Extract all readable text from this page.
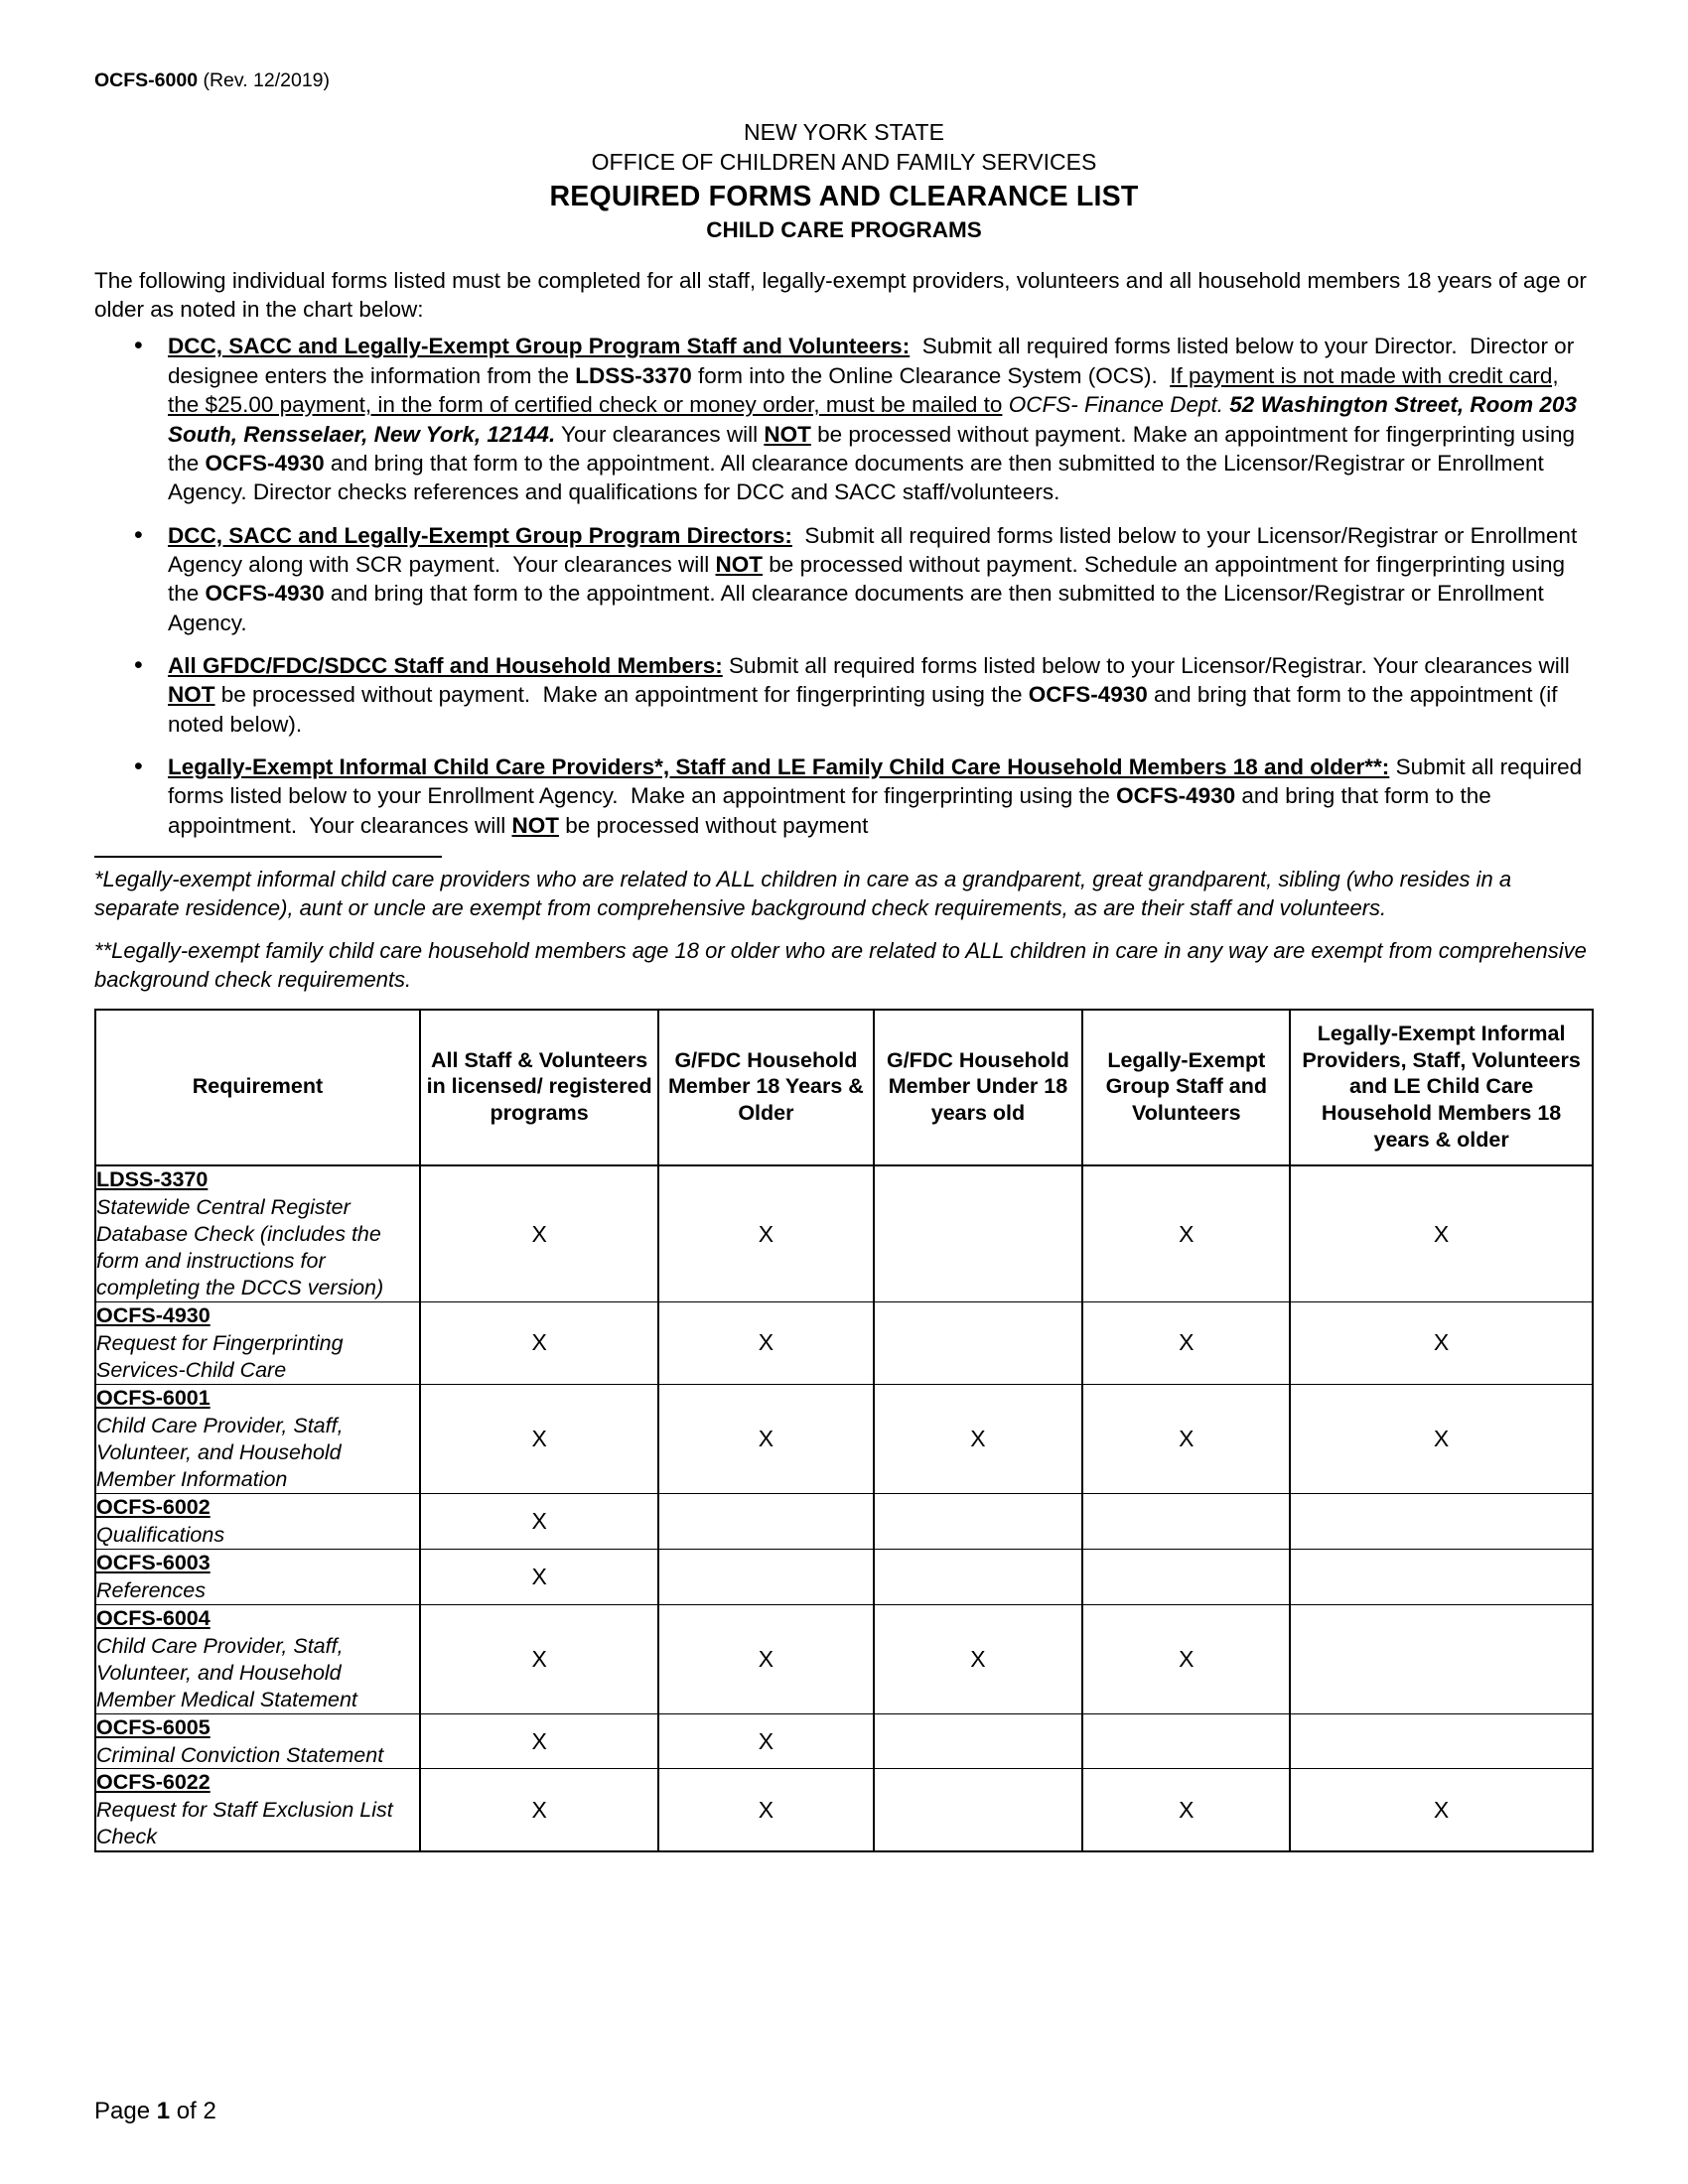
OCFS-6000 (Rev. 12/2019)
NEW YORK STATE
OFFICE OF CHILDREN AND FAMILY SERVICES
REQUIRED FORMS AND CLEARANCE LIST
CHILD CARE PROGRAMS
The following individual forms listed must be completed for all staff, legally-exempt providers, volunteers and all household members 18 years of age or older as noted in the chart below:
• DCC, SACC and Legally-Exempt Group Program Staff and Volunteers:  Submit all required forms listed below to your Director.  Director or designee enters the information from the LDSS-3370 form into the Online Clearance System (OCS).  If payment is not made with credit card, the $25.00 payment, in the form of certified check or money order, must be mailed to OCFS- Finance Dept. 52 Washington Street, Room 203 South, Rensselaer, New York, 12144. Your clearances will NOT be processed without payment. Make an appointment for fingerprinting using the OCFS-4930 and bring that form to the appointment. All clearance documents are then submitted to the Licensor/Registrar or Enrollment Agency. Director checks references and qualifications for DCC and SACC staff/volunteers.
• DCC, SACC and Legally-Exempt Group Program Directors:  Submit all required forms listed below to your Licensor/Registrar or Enrollment Agency along with SCR payment.  Your clearances will NOT be processed without payment. Schedule an appointment for fingerprinting using the OCFS-4930 and bring that form to the appointment. All clearance documents are then submitted to the Licensor/Registrar or Enrollment Agency.
• All GFDC/FDC/SDCC Staff and Household Members: Submit all required forms listed below to your Licensor/Registrar. Your clearances will NOT be processed without payment.  Make an appointment for fingerprinting using the OCFS-4930 and bring that form to the appointment (if noted below).
• Legally-Exempt Informal Child Care Providers*, Staff and LE Family Child Care Household Members 18 and older**: Submit all required forms listed below to your Enrollment Agency.  Make an appointment for fingerprinting using the OCFS-4930 and bring that form to the appointment.  Your clearances will NOT be processed without payment
*Legally-exempt informal child care providers who are related to ALL children in care as a grandparent, great grandparent, sibling (who resides in a separate residence), aunt or uncle are exempt from comprehensive background check requirements, as are their staff and volunteers.
**Legally-exempt family child care household members age 18 or older who are related to ALL children in care in any way are exempt from comprehensive background check requirements.
Requirement	All Staff & Volunteers in licensed/ registered programs	G/FDC Household Member 18 Years & Older	G/FDC Household Member Under 18 years old	Legally-Exempt Group Staff and Volunteers	Legally-Exempt Informal Providers, Staff, Volunteers and LE Child Care Household Members 18 years & older

LDSS-3370
Statewide Central Register Database Check (includes the form and instructions for completing the DCCS version)	X	X		X	X

OCFS-4930
Request for Fingerprinting Services-Child Care	X	X		X	X

OCFS-6001
Child Care Provider, Staff, Volunteer, and Household Member Information	X	X	X	X	X

OCFS-6002
Qualifications	X				

OCFS-6003
References	X				

OCFS-6004
Child Care Provider, Staff, Volunteer, and Household Member Medical Statement	X	X	X	X	

OCFS-6005
Criminal Conviction Statement	X	X			

OCFS-6022
Request for Staff Exclusion List Check	X	X		X	X
Page 1 of 2
